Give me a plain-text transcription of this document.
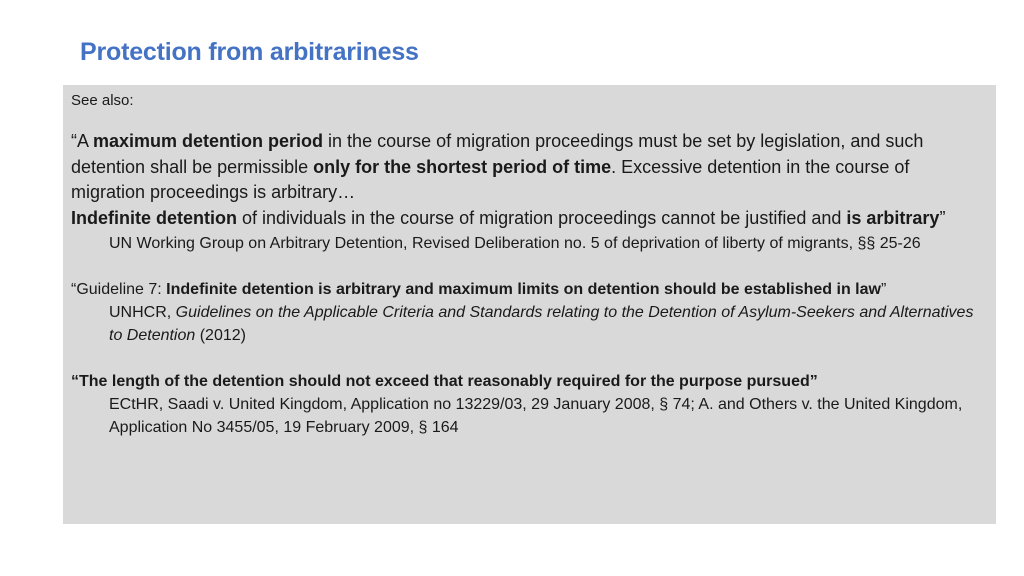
Protection from arbitrariness

See also:

“A maximum detention period in the course of migration proceedings must be set by legislation, and such detention shall be permissible only for the shortest period of time. Excessive detention in the course of migration proceedings is arbitrary…
Indefinite detention of individuals in the course of migration proceedings cannot be justified and is arbitrary”

UN Working Group on Arbitrary Detention, Revised Deliberation no. 5 of deprivation of liberty of migrants, §§ 25-26

“Guideline 7: Indefinite detention is arbitrary and maximum limits on detention should be established in law”

UNHCR, Guidelines on the Applicable Criteria and Standards relating to the Detention of Asylum-Seekers and Alternatives to Detention (2012)

“The length of the detention should not exceed that reasonably required for the purpose pursued”

ECtHR, Saadi v. United Kingdom, Application no 13229/03, 29 January 2008, § 74; A. and Others v. the United Kingdom, Application No 3455/05, 19 February 2009, § 164
